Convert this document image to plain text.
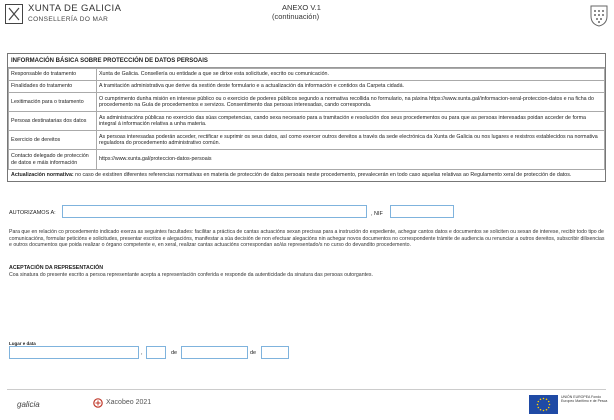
XUNTA DE GALICIA
CONSELLERÍA DO MAR
ANEXO V.1
(continuación)
INFORMACIÓN BÁSICA SOBRE PROTECCIÓN DE DATOS PERSOAIS
Responsable do tratamento	Xunta de Galicia. Consellería ou entidade a que se dirixe esta solicitude, escrito ou comunicación.
Finalidades do tratamento	A tramitación administrativa que derive da xestión deste formulario e a actualización da información e contidos da Carpeta cidadá.
Lexitimación para o tratamento	O cumprimento dunha misión en interese público ou o exercicio de poderes públicos segundo a normativa recollida no formulario, na páxina https://www.xunta.gal/informacion-xeral-proteccion-datos e na ficha do procedemento na Guía de procedementos e servizos. Consentimento das persoas interesadas, cando corresponda.
Persoas destinatarias dos datos	As administracións públicas no exercicio das súas competencias, cando sexa necesario para a tramitación e resolución dos seus procedementos ou para que as persoas interesadas poidan acceder de forma integral á información relativa a unha materia.
Exercicio de dereitos	As persoas interesadas poderán acceder, rectificar e suprimir os seus datos, así como exercer outros dereitos a través da sede electrónica da Xunta de Galicia ou nos lugares e rexistros establecidos na normativa reguladora do procedemento administrativo común.
Contacto delegado de protección de datos e máis información	https://www.xunta.gal/proteccion-datos-persoais
Actualización normativa: no caso de existiren diferentes referencias normativas en materia de protección de datos persoais neste procedemento, prevalecerán en todo caso aquelas relativas ao Regulamento xeral de protección de datos.
AUTORIZAMOS A:	, NIF
Para que en relación co procedemento indicado exerza as seguintes facultades: facilitar a práctica de cantas actuacións sexan precisas para a instrución do expediente, achegar cantos datos e documentos se soliciten ou sexan de interese, recibir todo tipo de comunicacións, formular peticións e solicitudes, presentar escritos e alegacións, manifestar a súa decisión de non efectuar alegacións nin achegar novos documentos no correspondente trámite de audiencia ou renunciar a outros dereitos, subscribir dilixencias e outros documentos que poida realizar o órgano competente e, en xeral, realizar cantas actuacións correspondan ao/ás representado/s no curso do devandito procedemento.
ACEPTACIÓN DA REPRESENTACIÓN
Coa sinatura do presente escrito a persoa representante acepta a representación conferida e responde da autenticidade da sinatura das persoas outorgantes.
Lugar e data
,	de	de
galicia	Xacobeo 2021
UNIÓN EUROPEA Fondo Europeo Marítimo e de Pesca
